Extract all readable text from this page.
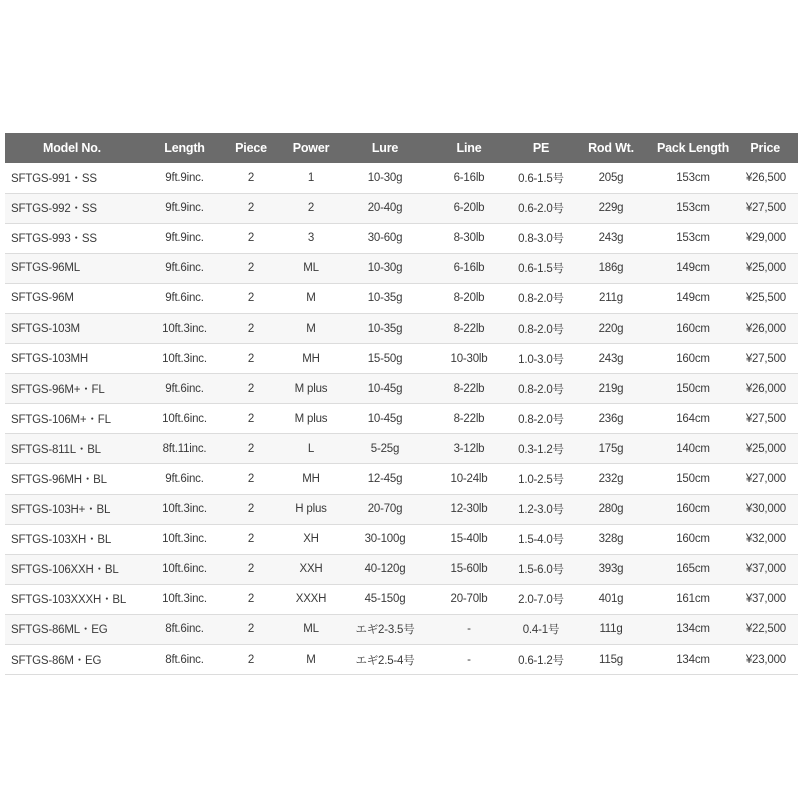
Model No.	Length	Piece	Power	Lure	Line	PE	Rod Wt.	Pack Length	Price
SFTGS-991・SS	9ft.9inc.	2	1	10-30g	6-16lb	0.6-1.5号	205g	153cm	¥26,500
SFTGS-992・SS	9ft.9inc.	2	2	20-40g	6-20lb	0.6-2.0号	229g	153cm	¥27,500
SFTGS-993・SS	9ft.9inc.	2	3	30-60g	8-30lb	0.8-3.0号	243g	153cm	¥29,000
SFTGS-96ML	9ft.6inc.	2	ML	10-30g	6-16lb	0.6-1.5号	186g	149cm	¥25,000
SFTGS-96M	9ft.6inc.	2	M	10-35g	8-20lb	0.8-2.0号	211g	149cm	¥25,500
SFTGS-103M	10ft.3inc.	2	M	10-35g	8-22lb	0.8-2.0号	220g	160cm	¥26,000
SFTGS-103MH	10ft.3inc.	2	MH	15-50g	10-30lb	1.0-3.0号	243g	160cm	¥27,500
SFTGS-96M+・FL	9ft.6inc.	2	M plus	10-45g	8-22lb	0.8-2.0号	219g	150cm	¥26,000
SFTGS-106M+・FL	10ft.6inc.	2	M plus	10-45g	8-22lb	0.8-2.0号	236g	164cm	¥27,500
SFTGS-811L・BL	8ft.11inc.	2	L	5-25g	3-12lb	0.3-1.2号	175g	140cm	¥25,000
SFTGS-96MH・BL	9ft.6inc.	2	MH	12-45g	10-24lb	1.0-2.5号	232g	150cm	¥27,000
SFTGS-103H+・BL	10ft.3inc.	2	H plus	20-70g	12-30lb	1.2-3.0号	280g	160cm	¥30,000
SFTGS-103XH・BL	10ft.3inc.	2	XH	30-100g	15-40lb	1.5-4.0号	328g	160cm	¥32,000
SFTGS-106XXH・BL	10ft.6inc.	2	XXH	40-120g	15-60lb	1.5-6.0号	393g	165cm	¥37,000
SFTGS-103XXXH・BL	10ft.3inc.	2	XXXH	45-150g	20-70lb	2.0-7.0号	401g	161cm	¥37,000
SFTGS-86ML・EG	8ft.6inc.	2	ML	エギ2-3.5号	-	0.4-1号	111g	134cm	¥22,500
SFTGS-86M・EG	8ft.6inc.	2	M	エギ2.5-4号	-	0.6-1.2号	115g	134cm	¥23,000
